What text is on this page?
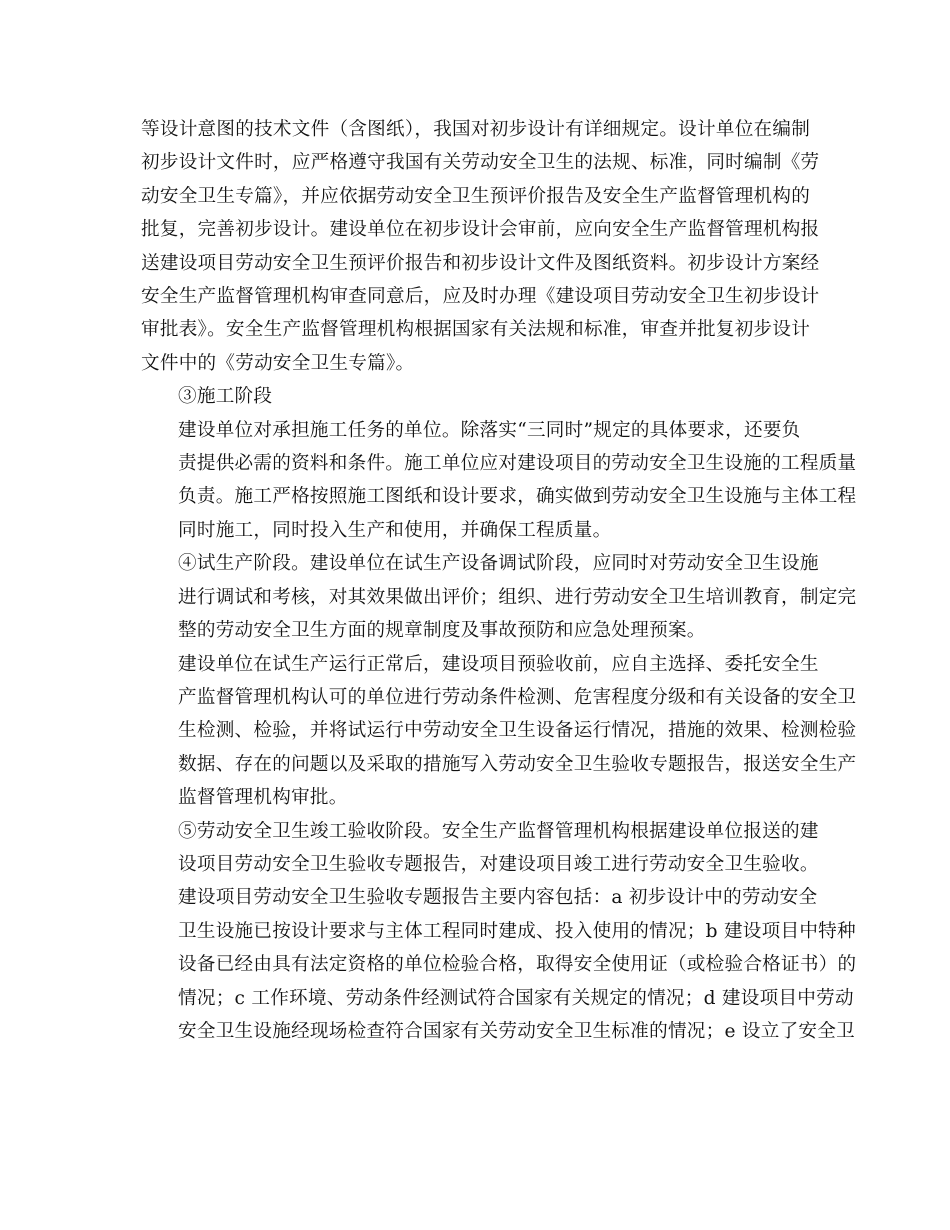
等设计意图的技术文件（含图纸），我国对初步设计有详细规定。设计单位在编制
初步设计文件时，应严格遵守我国有关劳动安全卫生的法规、标准，同时编制《劳
动安全卫生专篇》，并应依据劳动安全卫生预评价报告及安全生产监督管理机构的
批复，完善初步设计。建设单位在初步设计会审前，应向安全生产监督管理机构报
送建设项目劳动安全卫生预评价报告和初步设计文件及图纸资料。初步设计方案经
安全生产监督管理机构审查同意后，应及时办理《建设项目劳动安全卫生初步设计
审批表》。安全生产监督管理机构根据国家有关法规和标准，审查并批复初步设计
文件中的《劳动安全卫生专篇》。

③施工阶段

建设单位对承担施工任务的单位。除落实“三同时”规定的具体要求，还要负
责提供必需的资料和条件。施工单位应对建设项目的劳动安全卫生设施的工程质量
负责。施工严格按照施工图纸和设计要求，确实做到劳动安全卫生设施与主体工程
同时施工，同时投入生产和使用，并确保工程质量。

④试生产阶段。建设单位在试生产设备调试阶段，应同时对劳动安全卫生设施
进行调试和考核，对其效果做出评价；组织、进行劳动安全卫生培训教育，制定完
整的劳动安全卫生方面的规章制度及事故预防和应急处理预案。

建设单位在试生产运行正常后，建设项目预验收前，应自主选择、委托安全生
产监督管理机构认可的单位进行劳动条件检测、危害程度分级和有关设备的安全卫
生检测、检验，并将试运行中劳动安全卫生设备运行情况，措施的效果、检测检验
数据、存在的问题以及采取的措施写入劳动安全卫生验收专题报告，报送安全生产
监督管理机构审批。

⑤劳动安全卫生竣工验收阶段。安全生产监督管理机构根据建设单位报送的建
设项目劳动安全卫生验收专题报告，对建设项目竣工进行劳动安全卫生验收。

建设项目劳动安全卫生验收专题报告主要内容包括：a 初步设计中的劳动安全
卫生设施已按设计要求与主体工程同时建成、投入使用的情况；b 建设项目中特种
设备已经由具有法定资格的单位检验合格，取得安全使用证（或检验合格证书）的
情况；c 工作环境、劳动条件经测试符合国家有关规定的情况；d 建设项目中劳动
安全卫生设施经现场检查符合国家有关劳动安全卫生标准的情况；e 设立了安全卫
